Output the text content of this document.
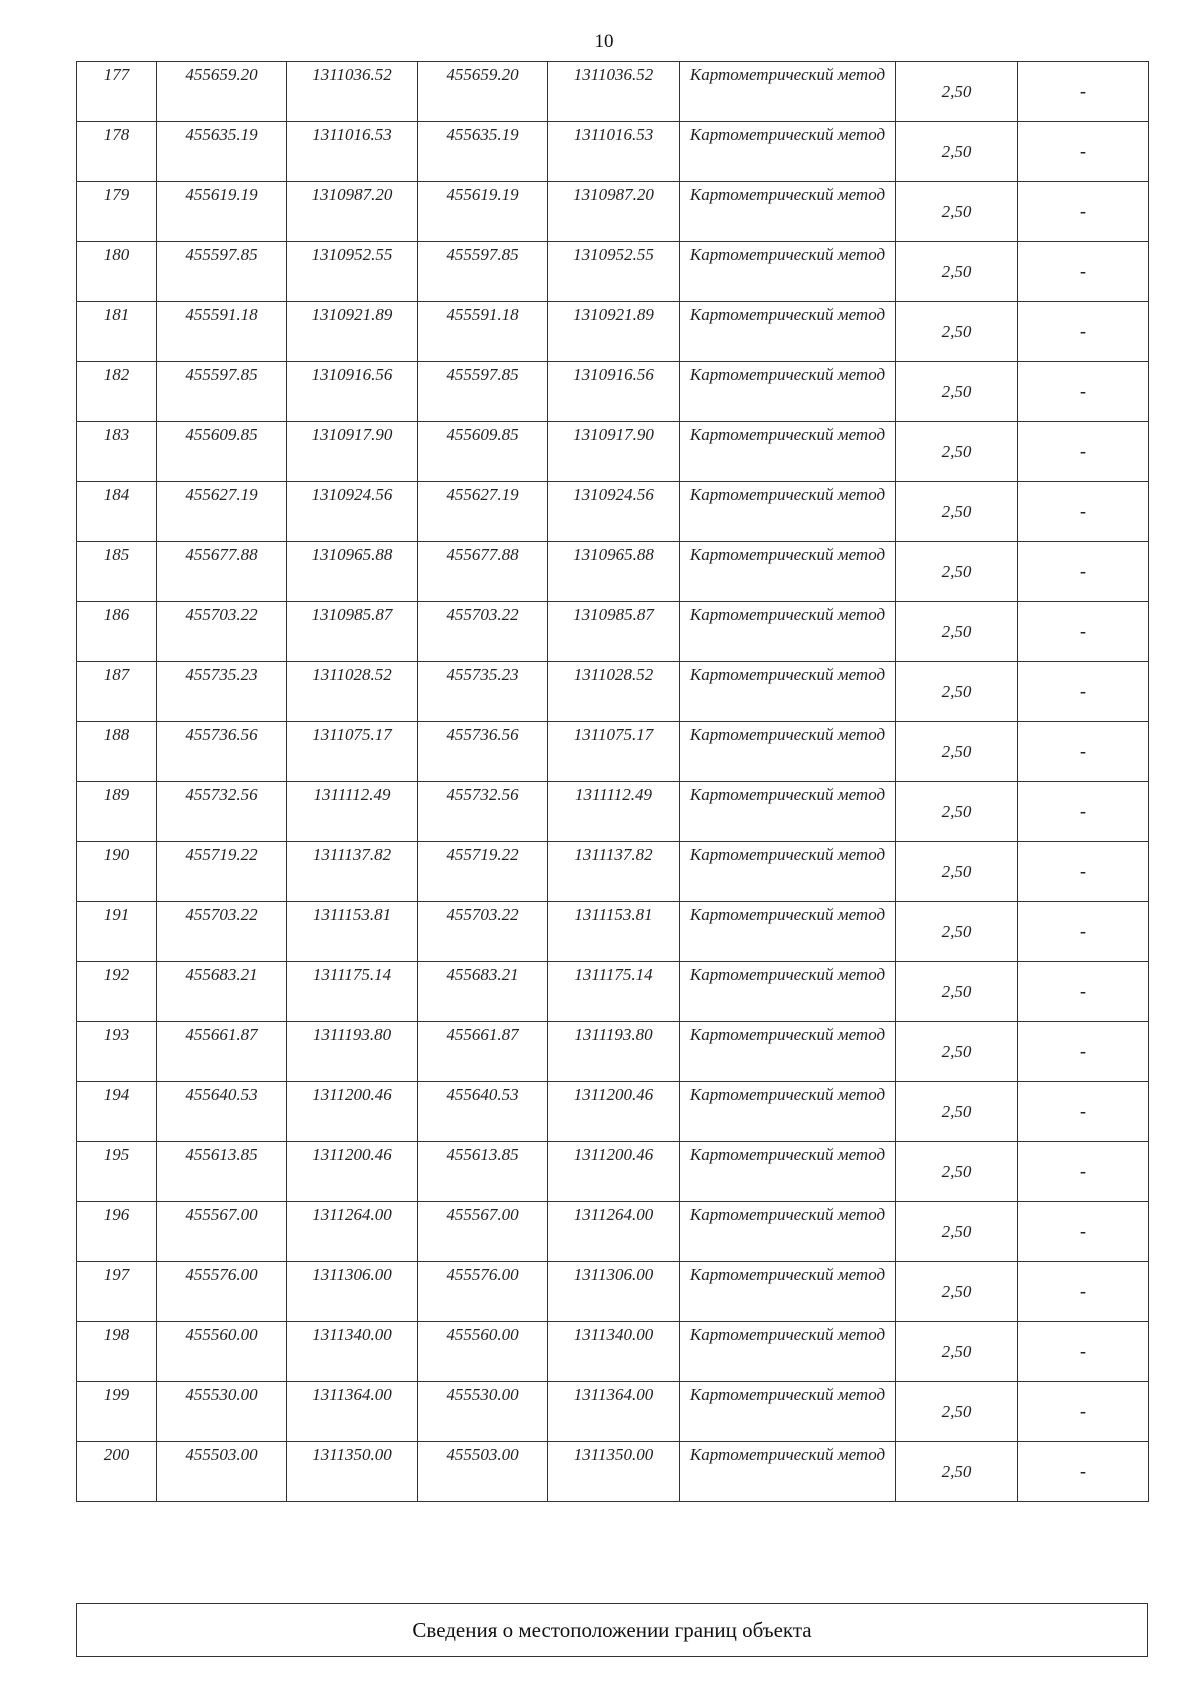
10
177	455659.20	1311036.52	455659.20	1311036.52	Картометрический метод	2,50	-
178	455635.19	1311016.53	455635.19	1311016.53	Картометрический метод	2,50	-
179	455619.19	1310987.20	455619.19	1310987.20	Картометрический метод	2,50	-
180	455597.85	1310952.55	455597.85	1310952.55	Картометрический метод	2,50	-
181	455591.18	1310921.89	455591.18	1310921.89	Картометрический метод	2,50	-
182	455597.85	1310916.56	455597.85	1310916.56	Картометрический метод	2,50	-
183	455609.85	1310917.90	455609.85	1310917.90	Картометрический метод	2,50	-
184	455627.19	1310924.56	455627.19	1310924.56	Картометрический метод	2,50	-
185	455677.88	1310965.88	455677.88	1310965.88	Картометрический метод	2,50	-
186	455703.22	1310985.87	455703.22	1310985.87	Картометрический метод	2,50	-
187	455735.23	1311028.52	455735.23	1311028.52	Картометрический метод	2,50	-
188	455736.56	1311075.17	455736.56	1311075.17	Картометрический метод	2,50	-
189	455732.56	1311112.49	455732.56	1311112.49	Картометрический метод	2,50	-
190	455719.22	1311137.82	455719.22	1311137.82	Картометрический метод	2,50	-
191	455703.22	1311153.81	455703.22	1311153.81	Картометрический метод	2,50	-
192	455683.21	1311175.14	455683.21	1311175.14	Картометрический метод	2,50	-
193	455661.87	1311193.80	455661.87	1311193.80	Картометрический метод	2,50	-
194	455640.53	1311200.46	455640.53	1311200.46	Картометрический метод	2,50	-
195	455613.85	1311200.46	455613.85	1311200.46	Картометрический метод	2,50	-
196	455567.00	1311264.00	455567.00	1311264.00	Картометрический метод	2,50	-
197	455576.00	1311306.00	455576.00	1311306.00	Картометрический метод	2,50	-
198	455560.00	1311340.00	455560.00	1311340.00	Картометрический метод	2,50	-
199	455530.00	1311364.00	455530.00	1311364.00	Картометрический метод	2,50	-
200	455503.00	1311350.00	455503.00	1311350.00	Картометрический метод	2,50	-
Сведения о местоположении границ объекта
